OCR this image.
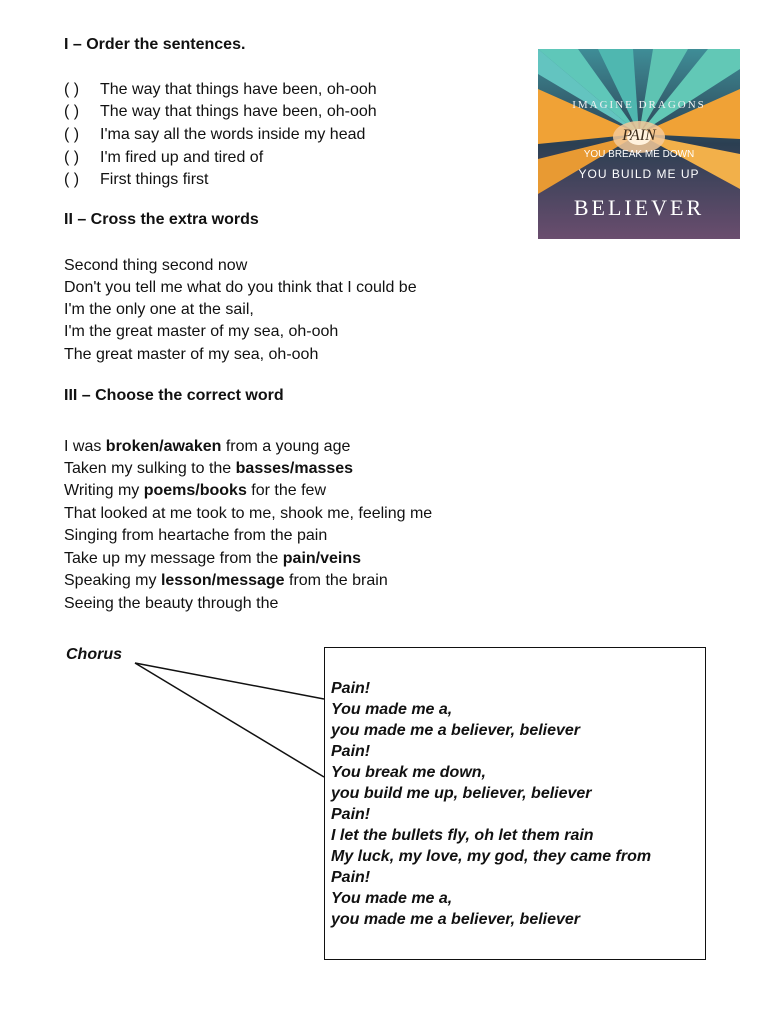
I – Order the sentences.
( ) The way that things have been, oh-ooh
( ) The way that things have been, oh-ooh
( ) I'ma say all the words inside my head
( ) I'm fired up and tired of
( ) First things first
II – Cross the extra words
Second thing second now
Don't you tell me what do you think that I could be
I'm the only one at the sail,
I'm the great master of my sea, oh-ooh
The great master of my sea, oh-ooh
III – Choose the correct word
I was broken/awaken from a young age
Taken my sulking to the basses/masses
Writing my poems/books for the few
That looked at me took to me, shook me, feeling me
Singing from heartache from the pain
Take up my message from the pain/veins
Speaking my lesson/message from the brain
Seeing the beauty through the
IMAGINE DRAGONS
PAIN
YOU BREAK ME DOWN
YOU BUILD ME UP
BELIEVER
Chorus
Pain!
You made me a,
you made me a believer, believer
Pain!
You break me down,
you build me up, believer, believer
Pain!
I let the bullets fly, oh let them rain
My luck, my love, my god, they came from
Pain!
You made me a,
you made me a believer, believer
